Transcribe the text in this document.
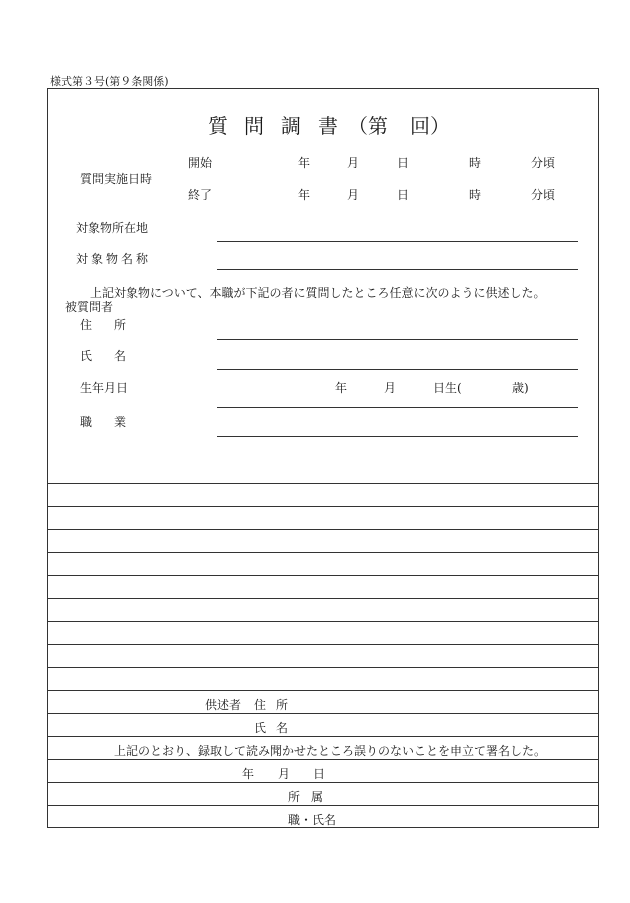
様式第３号(第９条関係)
質 問 調 書 （第 回）
質問実施日時
開始	年	月	日	時	分頃
終了	年	月	日	時	分頃
対象物所在地
対象物名称
上記対象物について、本職が下記の者に質問したところ任意に次のように供述した。
被質問者
住 所
氏 名
生年月日	年	月	日生(	歳)
職 業
供述者 住 所
氏 名
上記のとおり、録取して読み聞かせたところ誤りのないことを申立て署名した。
年 月 日
所 属
職・氏名
